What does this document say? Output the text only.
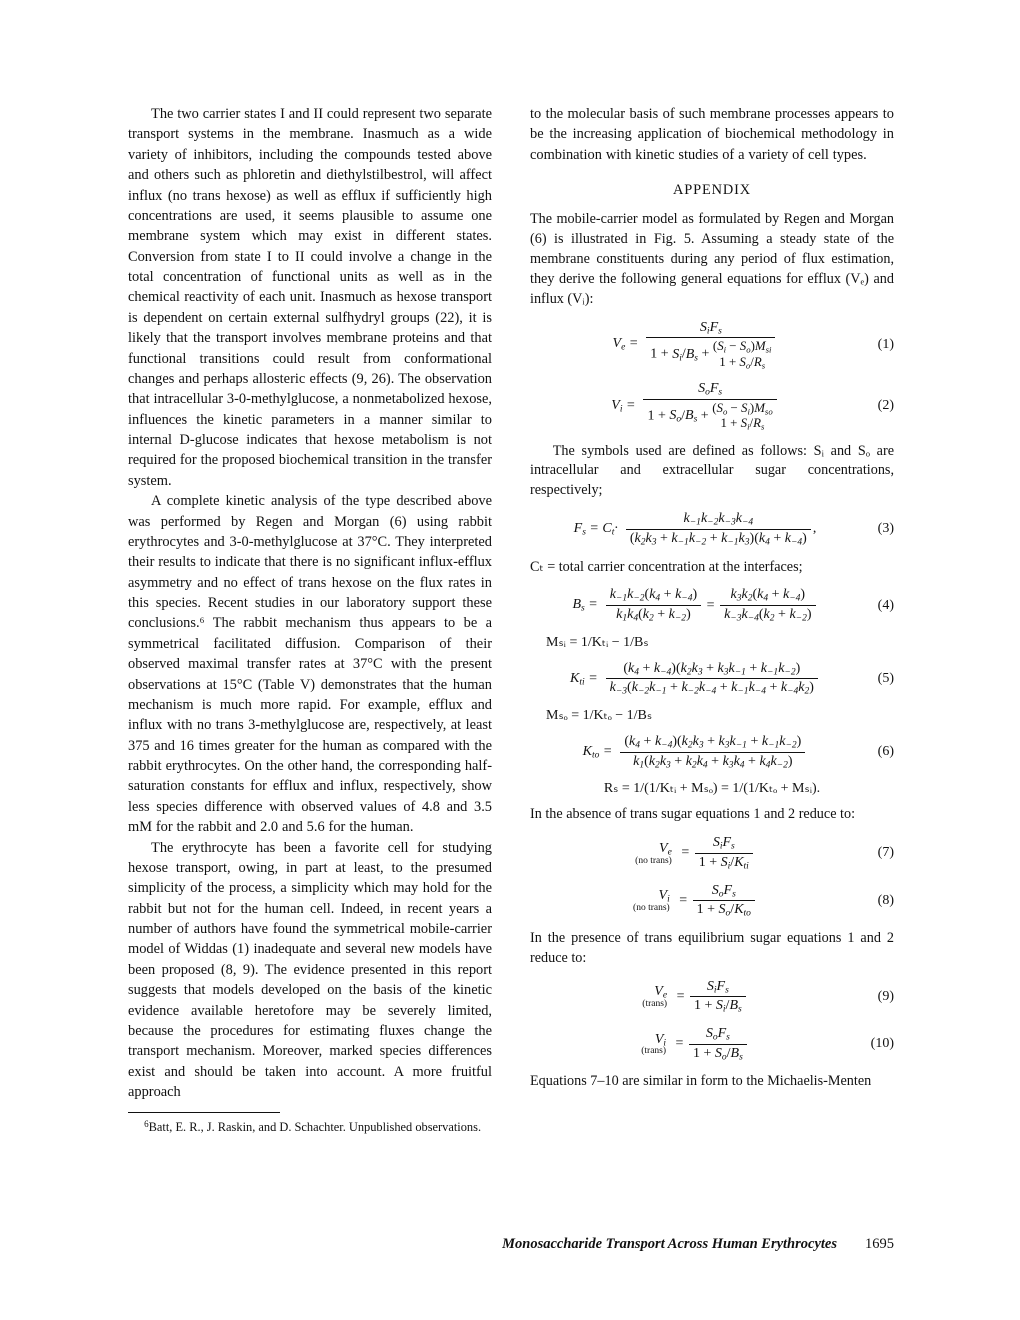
The two carrier states I and II could represent two separate transport systems in the membrane. Inasmuch as a wide variety of inhibitors, including the compounds tested above and others such as phloretin and diethylstilbestrol, will affect influx (no trans hexose) as well as efflux if sufficiently high concentrations are used, it seems plausible to assume one membrane system which may exist in different states. Conversion from state I to II could involve a change in the total concentration of functional units as well as in the chemical reactivity of each unit. Inasmuch as hexose transport is dependent on certain external sulfhydryl groups (22), it is likely that the transport involves membrane proteins and that functional transitions could result from conformational changes and perhaps allosteric effects (9, 26). The observation that intracellular 3-0-methylglucose, a nonmetabolized hexose, influences the kinetic parameters in a manner similar to internal D-glucose indicates that hexose metabolism is not required for the proposed biochemical transition in the transfer system.

A complete kinetic analysis of the type described above was performed by Regen and Morgan (6) using rabbit erythrocytes and 3-0-methylglucose at 37°C. They interpreted their results to indicate that there is no significant influx-efflux asymmetry and no effect of trans hexose on the flux rates in this species. Recent studies in our laboratory support these conclusions.⁶ The rabbit mechanism thus appears to be a symmetrical facilitated diffusion. Comparison of their observed maximal transfer rates at 37°C with the present observations at 15°C (Table V) demonstrates that the human mechanism is much more rapid. For example, efflux and influx with no trans 3-methylglucose are, respectively, at least 375 and 16 times greater for the human as compared with the rabbit erythrocytes. On the other hand, the corresponding half-saturation constants for efflux and influx, respectively, show less species difference with observed values of 4.8 and 3.5 mM for the rabbit and 2.0 and 5.6 for the human.

The erythrocyte has been a favorite cell for studying hexose transport, owing, in part at least, to the presumed simplicity of the process, a simplicity which may hold for the rabbit but not for the human cell. Indeed, in recent years a number of authors have found the symmetrical mobile-carrier model of Widdas (1) inadequate and several new models have been proposed (8, 9). The evidence presented in this report suggests that models developed on the basis of the kinetic evidence available heretofore may be severely limited, because the procedures for estimating fluxes change the transport mechanism. Moreover, marked species differences exist and should be taken into account. A more fruitful approach

$^6$Batt, E. R., J. Raskin, and D. Schachter. Unpublished observations.

to the molecular basis of such membrane processes appears to be the increasing application of biochemical methodology in combination with kinetic studies of a variety of cell types.

APPENDIX
The mobile-carrier model as formulated by Regen and Morgan (6) is illustrated in Fig. 5. Assuming a steady state of the membrane constituents during any period of flux estimation, they derive the following general equations for efflux (Vₑ) and influx (Vᵢ):
$V_e$ =
$S_iF_s$
$1 + S_i/B_s$ +
$(S_i - S_o)M_{si}$
$1 + S_o/R_s$
(1)
$V_i$ =
$S_oF_s$
$1 + S_o/B_s$ +
$(S_o - S_i)M_{so}$
$1 + S_i/R_s$
(2)
The symbols used are defined as follows: Sᵢ and Sₒ are intracellular and extracellular sugar concentrations, respectively;
$F_s = C_t\cdot \frac{k_{-1}k_{-2}k_{-3}k_{-4}}{(k_2k_3 + k_{-1}k_{-2} + k_{-1}k_3)(k_4 + k_{-4})}$ ,	(3)
Cₜ = total carrier concentration at the interfaces;
$B_s = \frac{k_{-1}k_{-2}(k_4 + k_{-4})}{k_1k_4(k_2 + k_{-2})} = \frac{k_3k_2(k_4 + k_{-4})}{k_{-3}k_{-4}(k_2 + k_{-2})}$	(4)
Mₛᵢ = 1/Kₜᵢ − 1/Bₛ
$K_{ti} = \frac{(k_4 + k_{-4})(k_2k_3 + k_3k_{-1} + k_{-1}k_{-2})}{k_{-3}(k_{-2}k_{-1} + k_{-2}k_{-4} + k_{-1}k_{-4} + k_{-4}k_2)}$	(5)
Mₛₒ = 1/Kₜₒ − 1/Bₛ
$K_{to} = \frac{(k_4 + k_{-4})(k_2k_3 + k_3k_{-1} + k_{-1}k_{-2})}{k_1(k_2k_3 + k_2k_4 + k_3k_4 + k_4k_{-2})}$	(6)
Rₛ = 1/(1/Kₜᵢ + Mₛₒ) = 1/(1/Kₜₒ + Mₛᵢ).
In the absence of trans sugar equations 1 and 2 reduce to:
$V_e$
(no trans)
= $\frac{S_iF_s}{1 + S_i/K_{ti}}$	(7)
$V_i$
(no trans)
= $\frac{S_oF_s}{1 + S_o/K_{to}}$	(8)
In the presence of trans equilibrium sugar equations 1 and 2 reduce to:
$V_e$
(trans)
= $\frac{S_iF_s}{1 + S_i/B_s}$	(9)
$V_i$
(trans)
= $\frac{S_oF_s}{1 + S_o/B_s}$	(10)
Equations 7–10 are similar in form to the Michaelis-Menten
Monosaccharide Transport Across Human Erythrocytes 1695
